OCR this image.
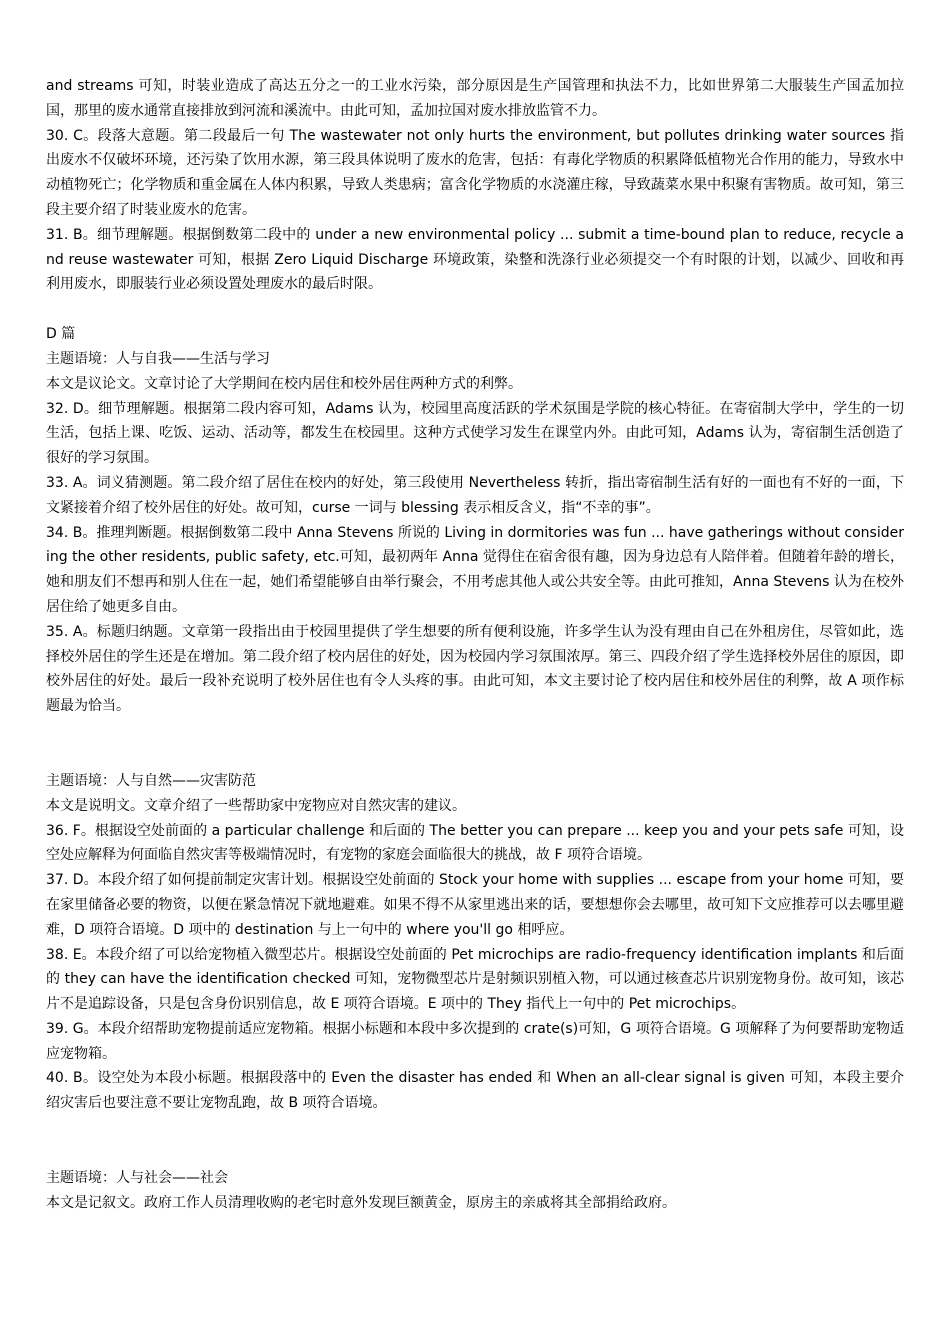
and streams 可知，时装业造成了高达五分之一的工业水污染，部分原因是生产国管理和执法不力，比如世界第二大服装生产国孟加拉国，那里的废水通常直接排放到河流和溪流中。由此可知，孟加拉国对废水排放监管不力。

30. C。段落大意题。第二段最后一句 The wastewater not only hurts the environment, but pollutes drinking water sources 指出废水不仅破坏环境，还污染了饮用水源，第三段具体说明了废水的危害，包括：有毒化学物质的积累降低植物光合作用的能力，导致水中动植物死亡；化学物质和重金属在人体内积累，导致人类患病；富含化学物质的水浇灌庄稼，导致蔬菜水果中积聚有害物质。故可知，第三段主要介绍了时装业废水的危害。

31. B。细节理解题。根据倒数第二段中的 under a new environmental policy ... submit a time‑bound plan to reduce, recycle and reuse wastewater 可知，根据 Zero Liquid Discharge 环境政策，染整和洗涤行业必须提交一个有时限的计划，以减少、回收和再利用废水，即服装行业必须设置处理废水的最后时限。

D 篇

主题语境：人与自我——生活与学习

本文是议论文。文章讨论了大学期间在校内居住和校外居住两种方式的利弊。

32. D。细节理解题。根据第二段内容可知，Adams 认为，校园里高度活跃的学术氛围是学院的核心特征。在寄宿制大学中，学生的一切生活，包括上课、吃饭、运动、活动等，都发生在校园里。这种方式使学习发生在课堂内外。由此可知，Adams 认为，寄宿制生活创造了很好的学习氛围。

33. A。词义猜测题。第二段介绍了居住在校内的好处，第三段使用 Nevertheless 转折，指出寄宿制生活有好的一面也有不好的一面，下文紧接着介绍了校外居住的好处。故可知，curse 一词与 blessing 表示相反含义，指“不幸的事”。

34. B。推理判断题。根据倒数第二段中 Anna Stevens 所说的 Living in dormitories was fun ... have gatherings without considering the other residents, public safety, etc.可知，最初两年 Anna 觉得住在宿舍很有趣，因为身边总有人陪伴着。但随着年龄的增长，她和朋友们不想再和别人住在一起，她们希望能够自由举行聚会，不用考虑其他人或公共安全等。由此可推知，Anna Stevens 认为在校外居住给了她更多自由。

35. A。标题归纳题。文章第一段指出由于校园里提供了学生想要的所有便利设施，许多学生认为没有理由自己在外租房住，尽管如此，选择校外居住的学生还是在增加。第二段介绍了校内居住的好处，因为校园内学习氛围浓厚。第三、四段介绍了学生选择校外居住的原因，即校外居住的好处。最后一段补充说明了校外居住也有令人头疼的事。由此可知，本文主要讨论了校内居住和校外居住的利弊，故 A 项作标题最为恰当。

主题语境：人与自然——灾害防范

本文是说明文。文章介绍了一些帮助家中宠物应对自然灾害的建议。

36. F。根据设空处前面的 a particular challenge 和后面的 The better you can prepare ... keep you and your pets safe 可知，设空处应解释为何面临自然灾害等极端情况时，有宠物的家庭会面临很大的挑战，故 F 项符合语境。

37. D。本段介绍了如何提前制定灾害计划。根据设空处前面的 Stock your home with supplies ... escape from your home 可知，要在家里储备必要的物资，以便在紧急情况下就地避难。如果不得不从家里逃出来的话，要想想你会去哪里，故可知下文应推荐可以去哪里避难，D 项符合语境。D 项中的 destination 与上一句中的 where you'll go 相呼应。

38. E。本段介绍了可以给宠物植入微型芯片。根据设空处前面的 Pet microchips are radio‑frequency identification implants 和后面的 they can have the identification checked 可知，宠物微型芯片是射频识别植入物，可以通过核查芯片识别宠物身份。故可知，该芯片不是追踪设备，只是包含身份识别信息，故 E 项符合语境。E 项中的 They 指代上一句中的 Pet microchips。

39. G。本段介绍帮助宠物提前适应宠物箱。根据小标题和本段中多次提到的 crate(s)可知，G 项符合语境。G 项解释了为何要帮助宠物适应宠物箱。

40. B。设空处为本段小标题。根据段落中的 Even the disaster has ended 和 When an all‑clear signal is given 可知，本段主要介绍灾害后也要注意不要让宠物乱跑，故 B 项符合语境。

主题语境：人与社会——社会

本文是记叙文。政府工作人员清理收购的老宅时意外发现巨额黄金，原房主的亲戚将其全部捐给政府。
